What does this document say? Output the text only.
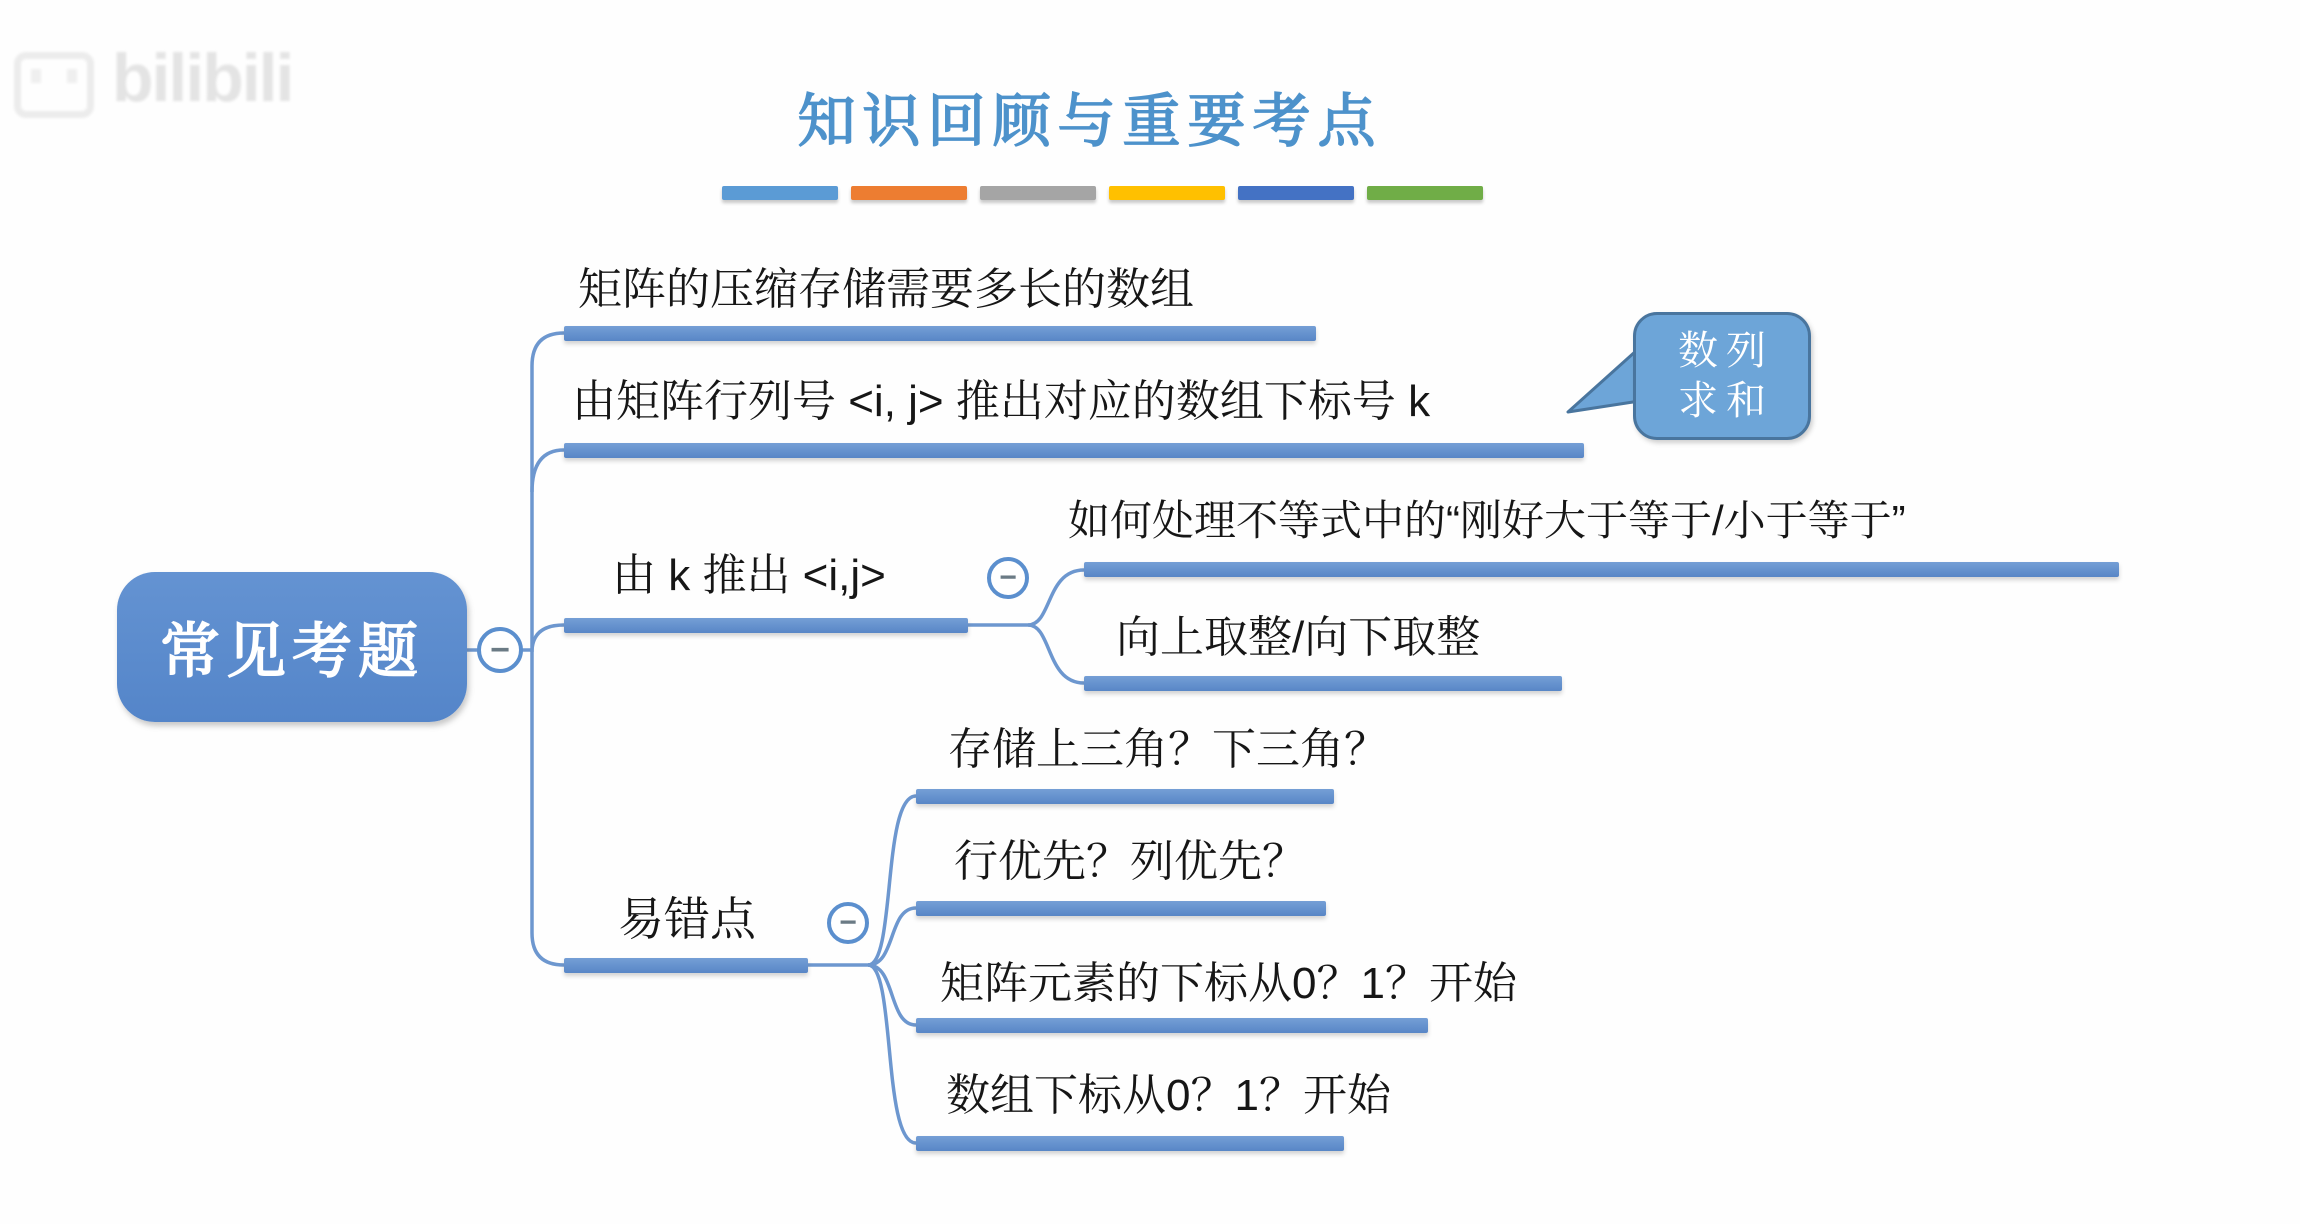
bilibili
知识回顾与重要考点
常见考题	−
−
−
矩阵的压缩存储需要多长的数组
由矩阵行列号 <i, j> 推出对应的数组下标号 k
由 k 推出 <i,j>
易错点
如何处理不等式中的“刚好大于等于/小于等于”
向上取整/向下取整
存储上三角？下三角？
行优先？列优先？
矩阵元素的下标从0？1？开始
数组下标从0？1？开始
数列
求和
